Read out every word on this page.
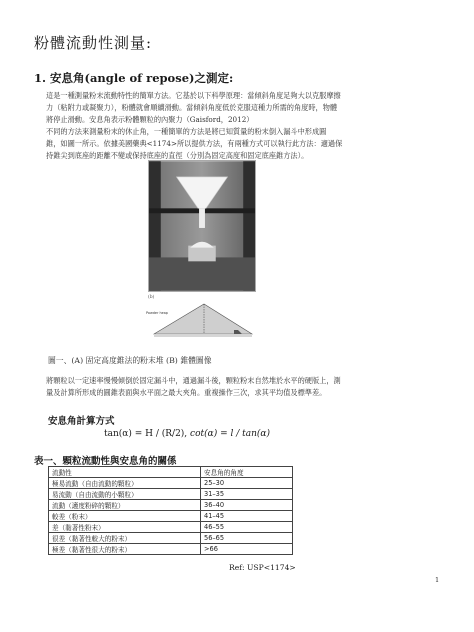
粉體流動性測量:
1. 安息角(angle of repose)之測定:
這是一種測量粉末流動特性的簡單方法。它基於以下科學原理：當傾斜角度足夠大以克服摩擦
力（粘附力或凝聚力），粉體就會順續滑動。當傾斜角度低於克服這種力所需的角度時，物體
將停止滑動。安息角表示粉體顆粒的內聚力（Gaisford，2012）
不同的方法來測量粉末的休止角，一種簡單的方法是將已知質量的粉末倒入漏斗中形成圓
錐，如圖一所示。依據美國藥典<1174>所以提供方法，有兩種方式可以執行此方法：適過保
持錐尖到底座的距離不變或保持底座的直徑（分別為固定高度和固定底座錐方法）。
(b)
Powder heap
圖一、(A) 固定高度錐法的粉末堆 (B) 錐體圖像
將顆粒以一定速率慢慢傾倒於固定漏斗中，通過漏斗後，顆粒粉末自然堆於水平的硬版上，測
量及計算所形成的圓錐表面與水平面之最大夾角。重複操作三次，求其平均值及標準差。
安息角計算方式
tan(α) = H / (R/2), cot(α) = l / tan(α)
表一、顆粒流動性與安息角的關係
流動性	安息角的角度
極易流動（自由流動的顆粒）	25–30
易流動（自由流動的小顆粒）	31–35
流動（適度粉碎的顆粒）	36–40
較差（粉末）	41–45
差（黏著性粉末）	46–55
很差（黏著性較大的粉末）	56–65
極差（黏著性很大的粉末）	>66
Ref: USP<1174>
1
